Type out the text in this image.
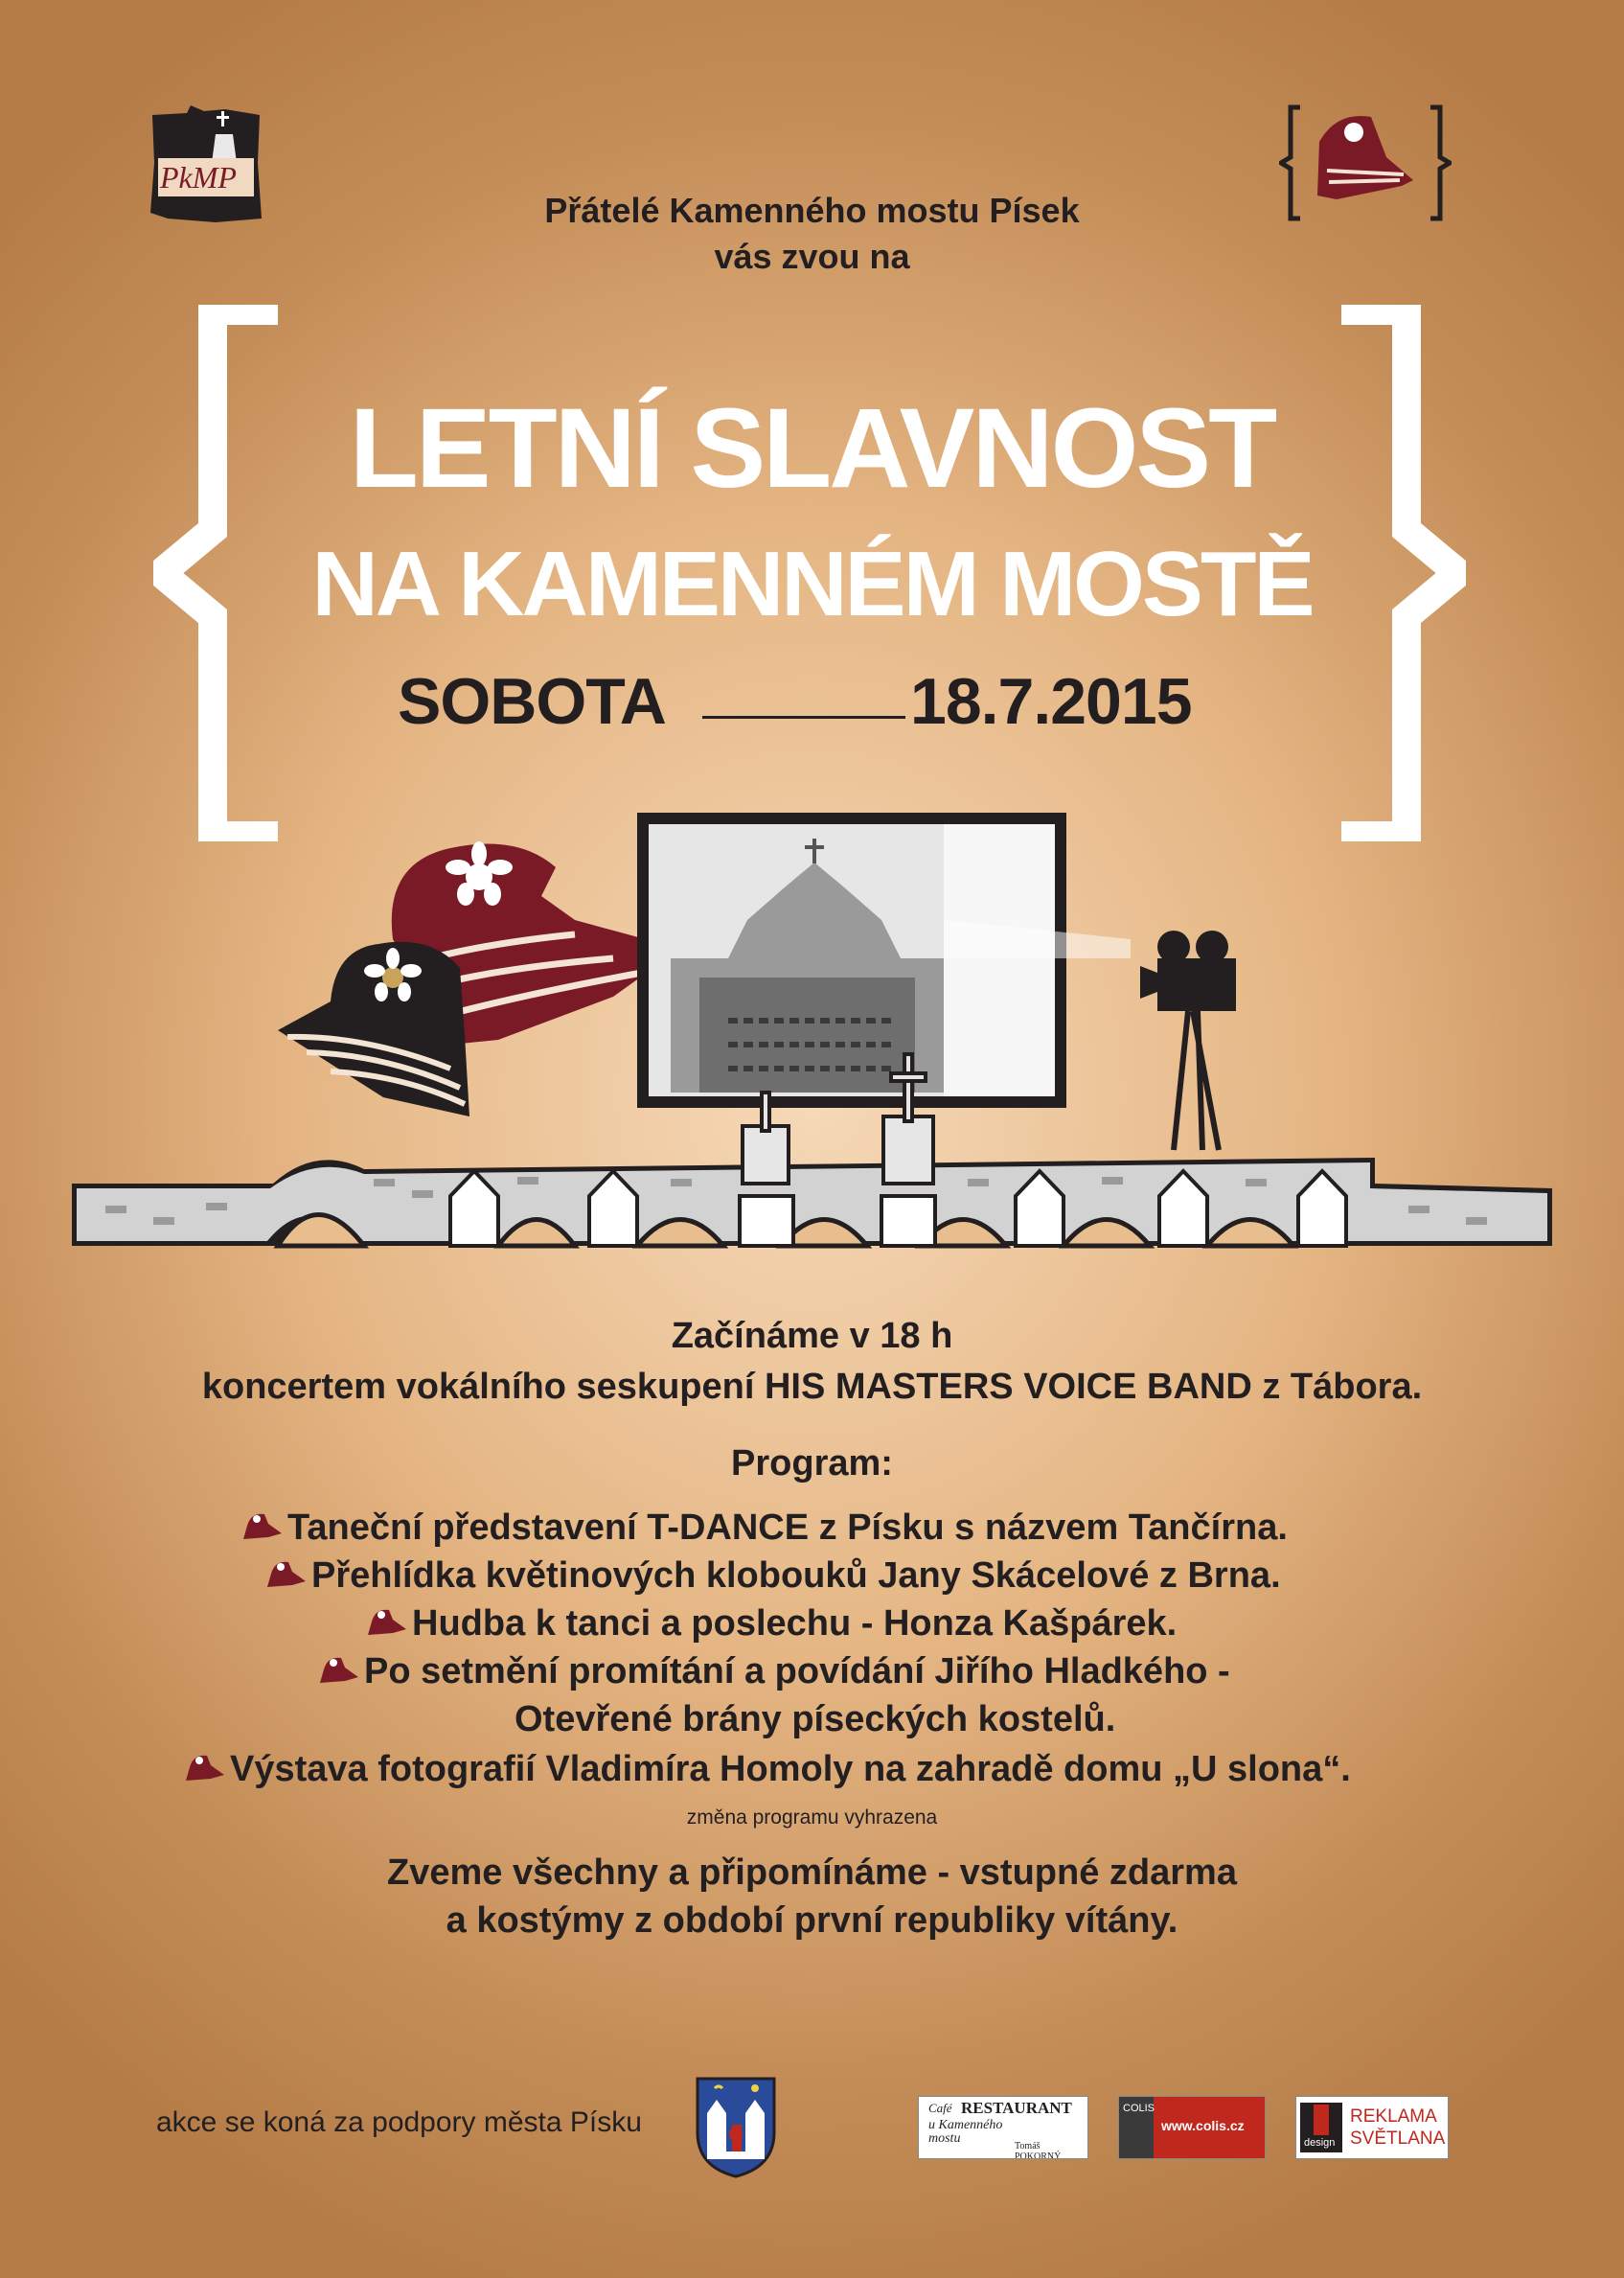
PkMP
Přátelé Kamenného mostu Písek
vás zvou na
LETNÍ SLAVNOST
NA KAMENNÉM MOSTĚ
SOBOTA	18.7.2015
Začínáme v 18 h
koncertem vokálního seskupení HIS MASTERS VOICE BAND z Tábora.
Program:
Taneční představení T-DANCE z Písku s názvem Tančírna.
Přehlídka květinových klobouků Jany Skácelové z Brna.
Hudba k tanci a poslechu - Honza Kašpárek.
Po setmění promítání a povídání Jiřího Hladkého -
Otevřené brány píseckých kostelů.
Výstava fotografií Vladimíra Homoly na zahradě domu „U slona“.
změna programu vyhrazena
Zveme všechny a připomínáme - vstupné zdarma
a kostýmy z období první republiky vítány.
akce se koná za podpory města Písku	Café RESTAURANT
u Kamenného
mostu
Tomáš POKORNÝ
COLIS
www.colis.cz
design
REKLAMA
SVĚTLANA
